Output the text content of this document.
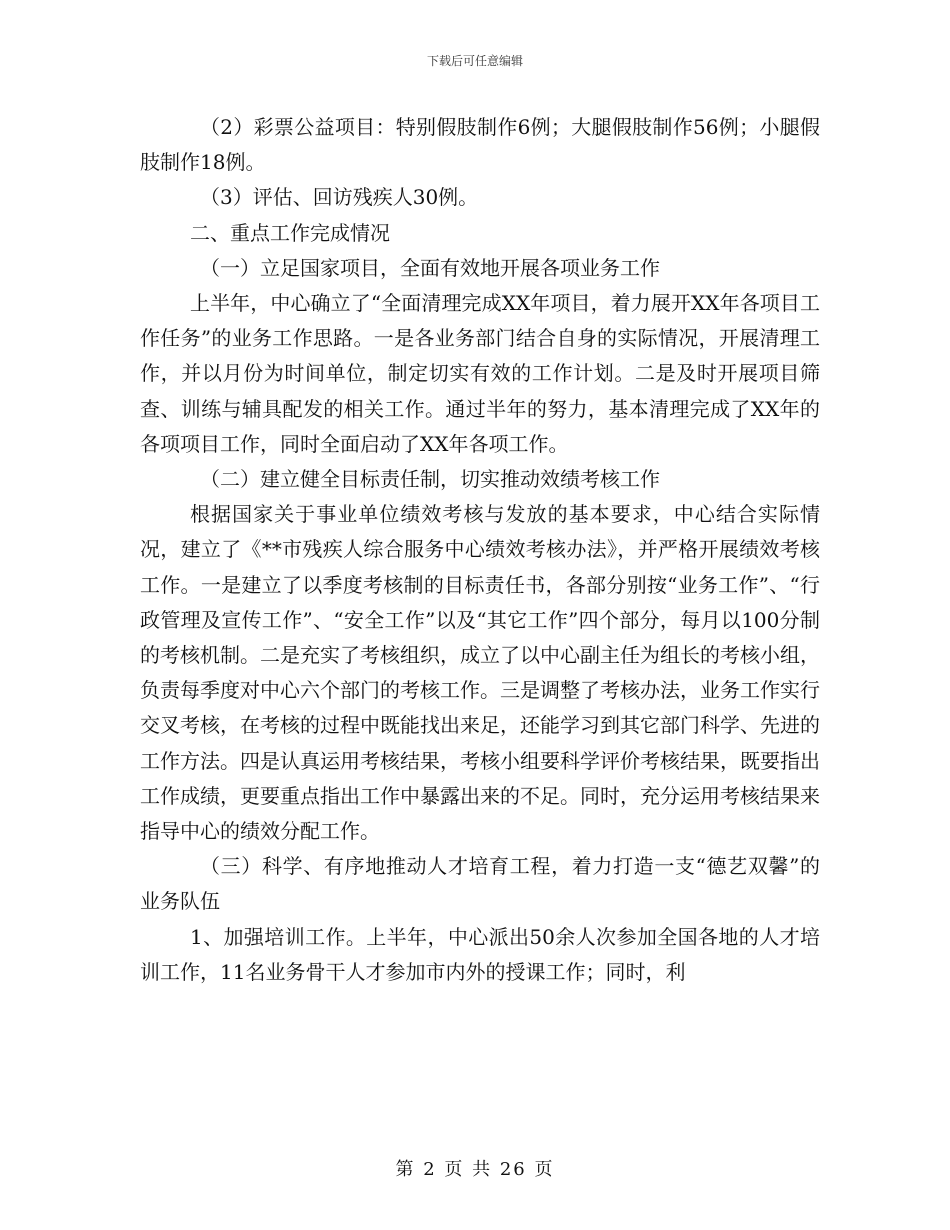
下载后可任意编辑

（2）彩票公益项目：特别假肢制作6例；大腿假肢制作56例；小腿假肢制作18例。

（3）评估、回访残疾人30例。

二、重点工作完成情况

（一）立足国家项目，全面有效地开展各项业务工作

上半年，中心确立了“全面清理完成XX年项目，着力展开XX年各项目工作任务”的业务工作思路。一是各业务部门结合自身的实际情况，开展清理工作，并以月份为时间单位，制定切实有效的工作计划。二是及时开展项目筛查、训练与辅具配发的相关工作。通过半年的努力，基本清理完成了XX年的各项项目工作，同时全面启动了XX年各项工作。

（二）建立健全目标责任制，切实推动效绩考核工作

根据国家关于事业单位绩效考核与发放的基本要求，中心结合实际情况，建立了《**市残疾人综合服务中心绩效考核办法》，并严格开展绩效考核工作。一是建立了以季度考核制的目标责任书，各部分别按“业务工作”、“行政管理及宣传工作”、“安全工作”以及“其它工作”四个部分，每月以100分制的考核机制。二是充实了考核组织，成立了以中心副主任为组长的考核小组，负责每季度对中心六个部门的考核工作。三是调整了考核办法，业务工作实行交叉考核，在考核的过程中既能找出来足，还能学习到其它部门科学、先进的工作方法。四是认真运用考核结果，考核小组要科学评价考核结果，既要指出工作成绩，更要重点指出工作中暴露出来的不足。同时，充分运用考核结果来指导中心的绩效分配工作。

（三）科学、有序地推动人才培育工程，着力打造一支“德艺双馨”的业务队伍

1、加强培训工作。上半年，中心派出50余人次参加全国各地的人才培训工作，11名业务骨干人才参加市内外的授课工作；同时，利

第 2 页 共 26 页
